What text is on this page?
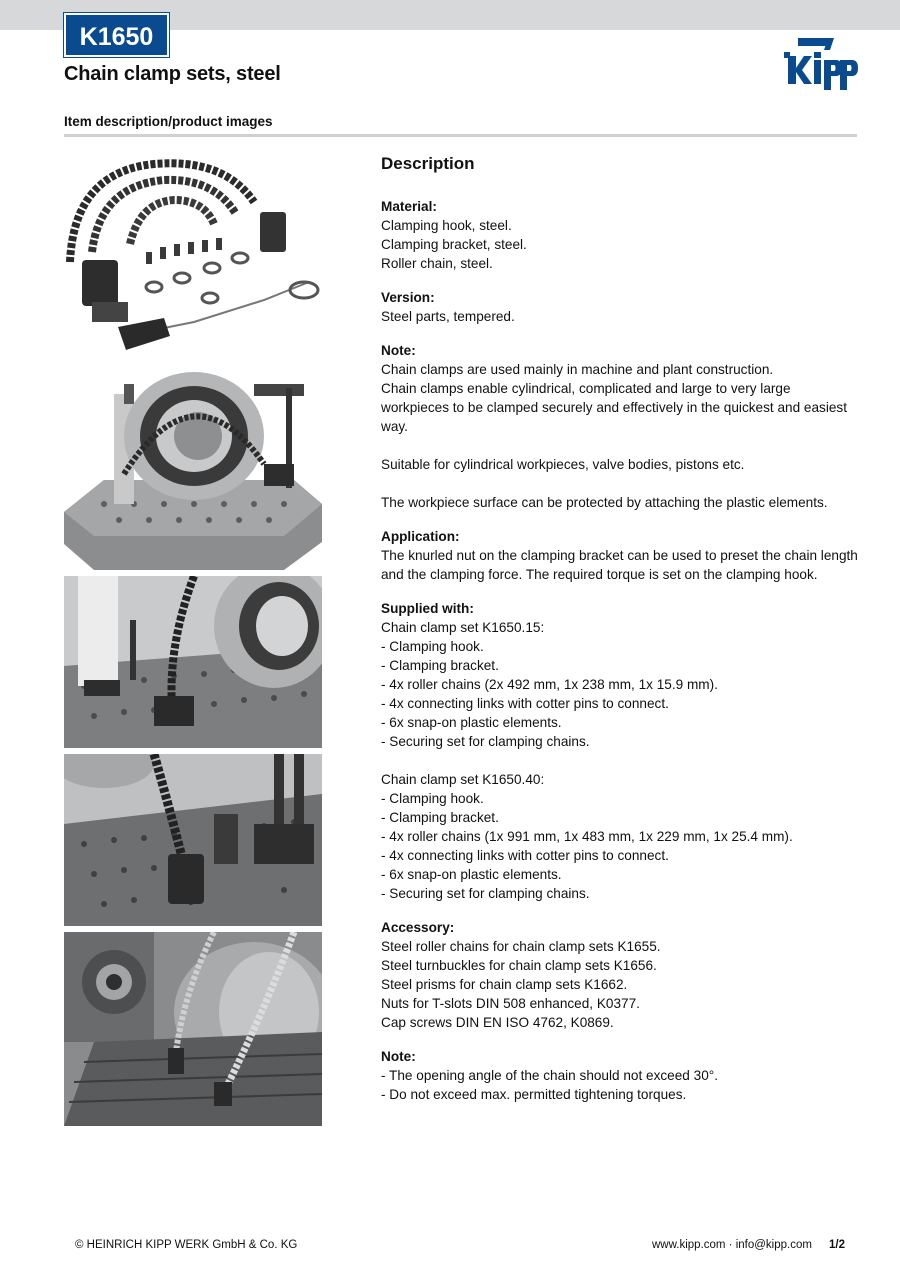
K1650
Chain clamp sets, steel
Item description/product images
Description
Material:
Clamping hook, steel.
Clamping bracket, steel.
Roller chain, steel.
Version:
Steel parts, tempered.
Note:
Chain clamps are used mainly in machine and plant construction.
Chain clamps enable cylindrical, complicated and large to very large workpieces to be clamped securely and effectively in the quickest and easiest way.
Suitable for cylindrical workpieces, valve bodies, pistons etc.
The workpiece surface can be protected by attaching the plastic elements.
Application:
The knurled nut on the clamping bracket can be used to preset the chain length and the clamping force. The required torque is set on the clamping hook.
Supplied with:
Chain clamp set K1650.15:
- Clamping hook.
- Clamping bracket.
- 4x roller chains (2x 492 mm, 1x 238 mm, 1x 15.9 mm).
- 4x connecting links with cotter pins to connect.
- 6x snap-on plastic elements.
- Securing set for clamping chains.
Chain clamp set K1650.40:
- Clamping hook.
- Clamping bracket.
- 4x roller chains (1x 991 mm, 1x 483 mm, 1x 229 mm, 1x 25.4 mm).
- 4x connecting links with cotter pins to connect.
- 6x snap-on plastic elements.
- Securing set for clamping chains.
Accessory:
Steel roller chains for chain clamp sets K1655.
Steel turnbuckles for chain clamp sets K1656.
Steel prisms for chain clamp sets K1662.
Nuts for T-slots DIN 508 enhanced, K0377.
Cap screws DIN EN ISO 4762, K0869.
Note:
- The opening angle of the chain should not exceed 30°.
- Do not exceed max. permitted tightening torques.
© HEINRICH KIPP WERK GmbH & Co. KG	www.kipp.com · info@kipp.com 1/2
